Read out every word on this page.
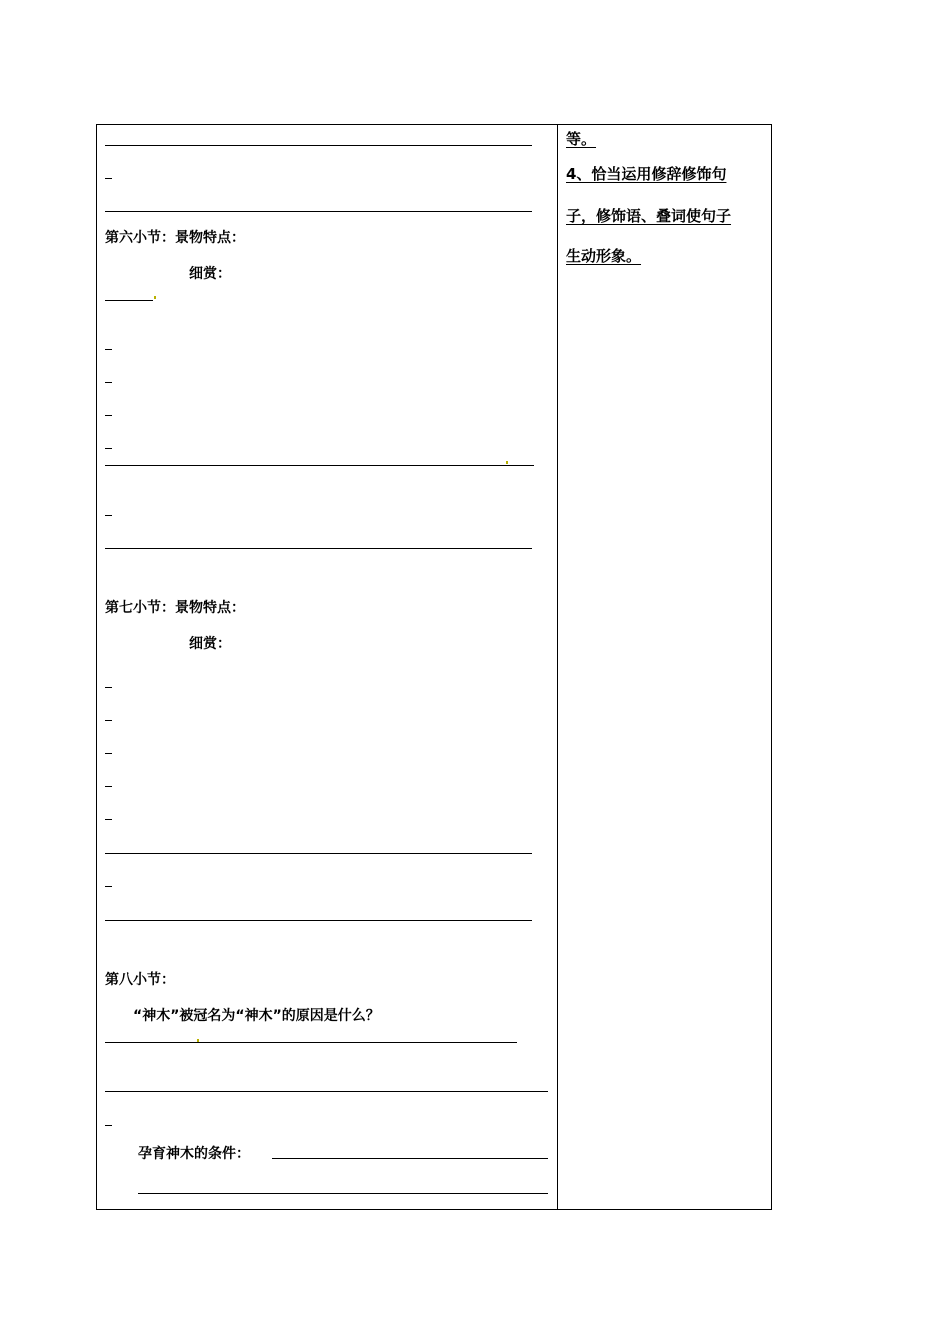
第六小节：景物特点：
细赏：
第七小节：景物特点：
细赏：
第八小节：
“神木”被冠名为“神木”的原因是什么？
孕育神木的条件：
等。
4、恰当运用修辞修饰句
子，修饰语、叠词使句子
生动形象。
